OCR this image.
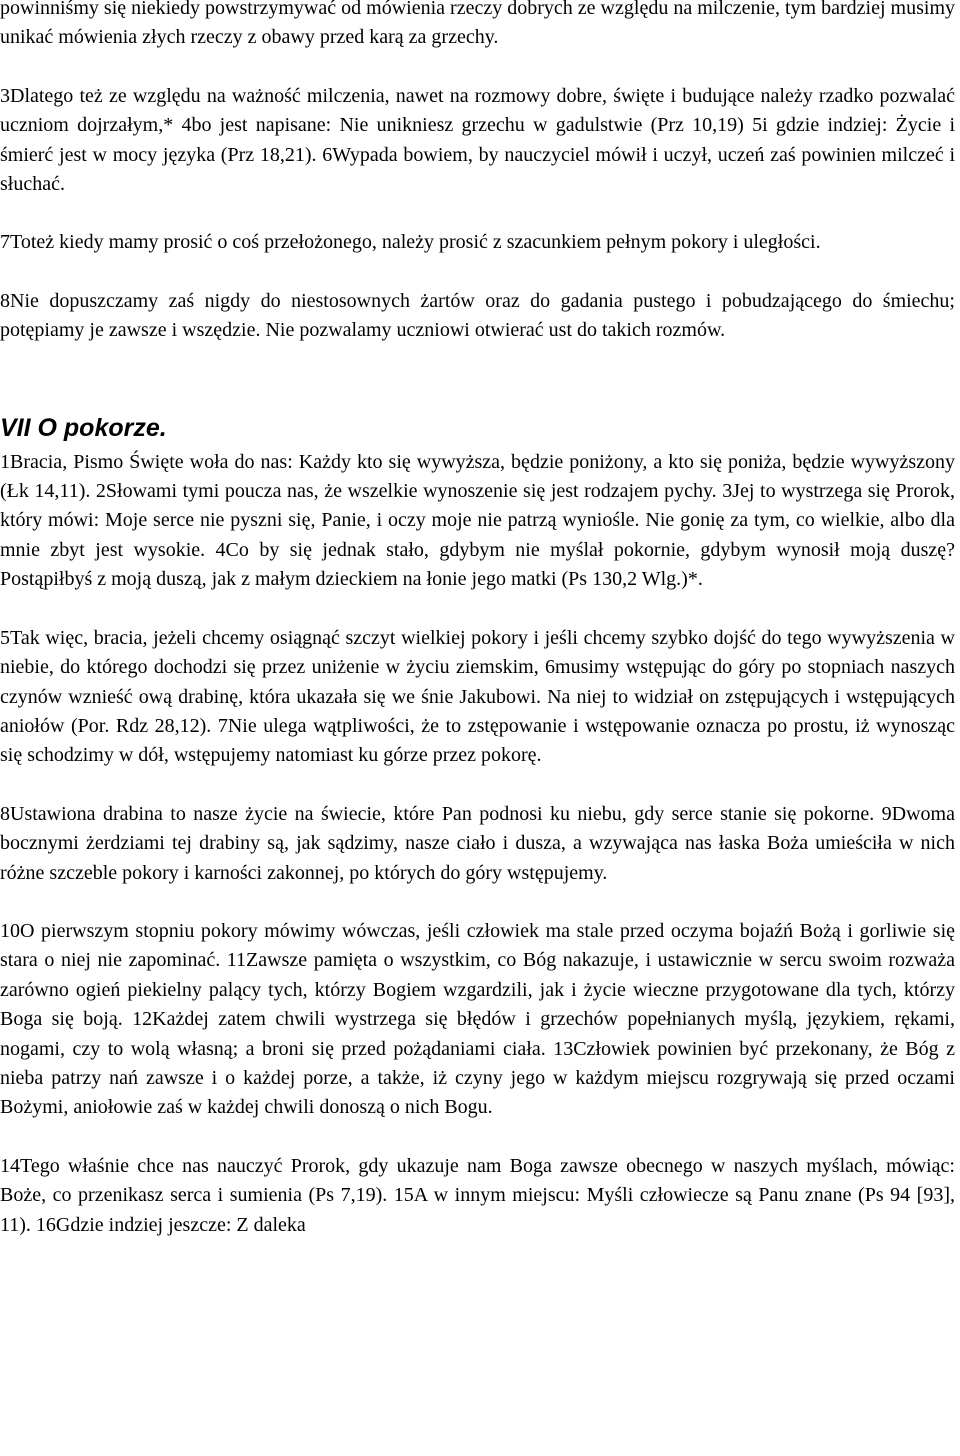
powinniśmy się niekiedy powstrzymywać od mówienia rzeczy dobrych ze względu na milczenie, tym bardziej musimy unikać mówienia złych rzeczy z obawy przed karą za grzechy.

3Dlatego też ze względu na ważność milczenia, nawet na rozmowy dobre, święte i budujące należy rzadko pozwalać uczniom dojrzałym,* 4bo jest napisane: Nie unikniesz grzechu w gadulstwie (Prz 10,19) 5i gdzie indziej: Życie i śmierć jest w mocy języka (Prz 18,21). 6Wypada bowiem, by nauczyciel mówił i uczył, uczeń zaś powinien milczeć i słuchać.

7Toteż kiedy mamy prosić o coś przełożonego, należy prosić z szacunkiem pełnym pokory i uległości.

8Nie dopuszczamy zaś nigdy do niestosownych żartów oraz do gadania pustego i pobudzającego do śmiechu; potępiamy je zawsze i wszędzie. Nie pozwalamy uczniowi otwierać ust do takich rozmów.

VII O pokorze.

1Bracia, Pismo Święte woła do nas: Każdy kto się wywyższa, będzie poniżony, a kto się poniża, będzie wywyższony (Łk 14,11). 2Słowami tymi poucza nas, że wszelkie wynoszenie się jest rodzajem pychy. 3Jej to wystrzega się Prorok, który mówi: Moje serce nie pyszni się, Panie, i oczy moje nie patrzą wyniośle. Nie gonię za tym, co wielkie, albo dla mnie zbyt jest wysokie. 4Co by się jednak stało, gdybym nie myślał pokornie, gdybym wynosił moją duszę? Postąpiłbyś z moją duszą, jak z małym dzieckiem na łonie jego matki (Ps 130,2 Wlg.)*.

5Tak więc, bracia, jeżeli chcemy osiągnąć szczyt wielkiej pokory i jeśli chcemy szybko dojść do tego wywyższenia w niebie, do którego dochodzi się przez uniżenie w życiu ziemskim, 6musimy wstępując do góry po stopniach naszych czynów wznieść ową drabinę, która ukazała się we śnie Jakubowi. Na niej to widział on zstępujących i wstępujących aniołów (Por. Rdz 28,12). 7Nie ulega wątpliwości, że to zstępowanie i wstępowanie oznacza po prostu, iż wynosząc się schodzimy w dół, wstępujemy natomiast ku górze przez pokorę.

8Ustawiona drabina to nasze życie na świecie, które Pan podnosi ku niebu, gdy serce stanie się pokorne. 9Dwoma bocznymi żerdziami tej drabiny są, jak sądzimy, nasze ciało i dusza, a wzywająca nas łaska Boża umieściła w nich różne szczeble pokory i karności zakonnej, po których do góry wstępujemy.

10O pierwszym stopniu pokory mówimy wówczas, jeśli człowiek ma stale przed oczyma bojaźń Bożą i gorliwie się stara o niej nie zapominać. 11Zawsze pamięta o wszystkim, co Bóg nakazuje, i ustawicznie w sercu swoim rozważa zarówno ogień piekielny palący tych, którzy Bogiem wzgardzili, jak i życie wieczne przygotowane dla tych, którzy Boga się boją. 12Każdej zatem chwili wystrzega się błędów i grzechów popełnianych myślą, językiem, rękami, nogami, czy to wolą własną; a broni się przed pożądaniami ciała. 13Człowiek powinien być przekonany, że Bóg z nieba patrzy nań zawsze i o każdej porze, a także, iż czyny jego w każdym miejscu rozgrywają się przed oczami Bożymi, aniołowie zaś w każdej chwili donoszą o nich Bogu.

14Tego właśnie chce nas nauczyć Prorok, gdy ukazuje nam Boga zawsze obecnego w naszych myślach, mówiąc: Boże, co przenikasz serca i sumienia (Ps 7,19). 15A w innym miejscu: Myśli człowiecze są Panu znane (Ps 94 [93], 11). 16Gdzie indziej jeszcze: Z daleka
